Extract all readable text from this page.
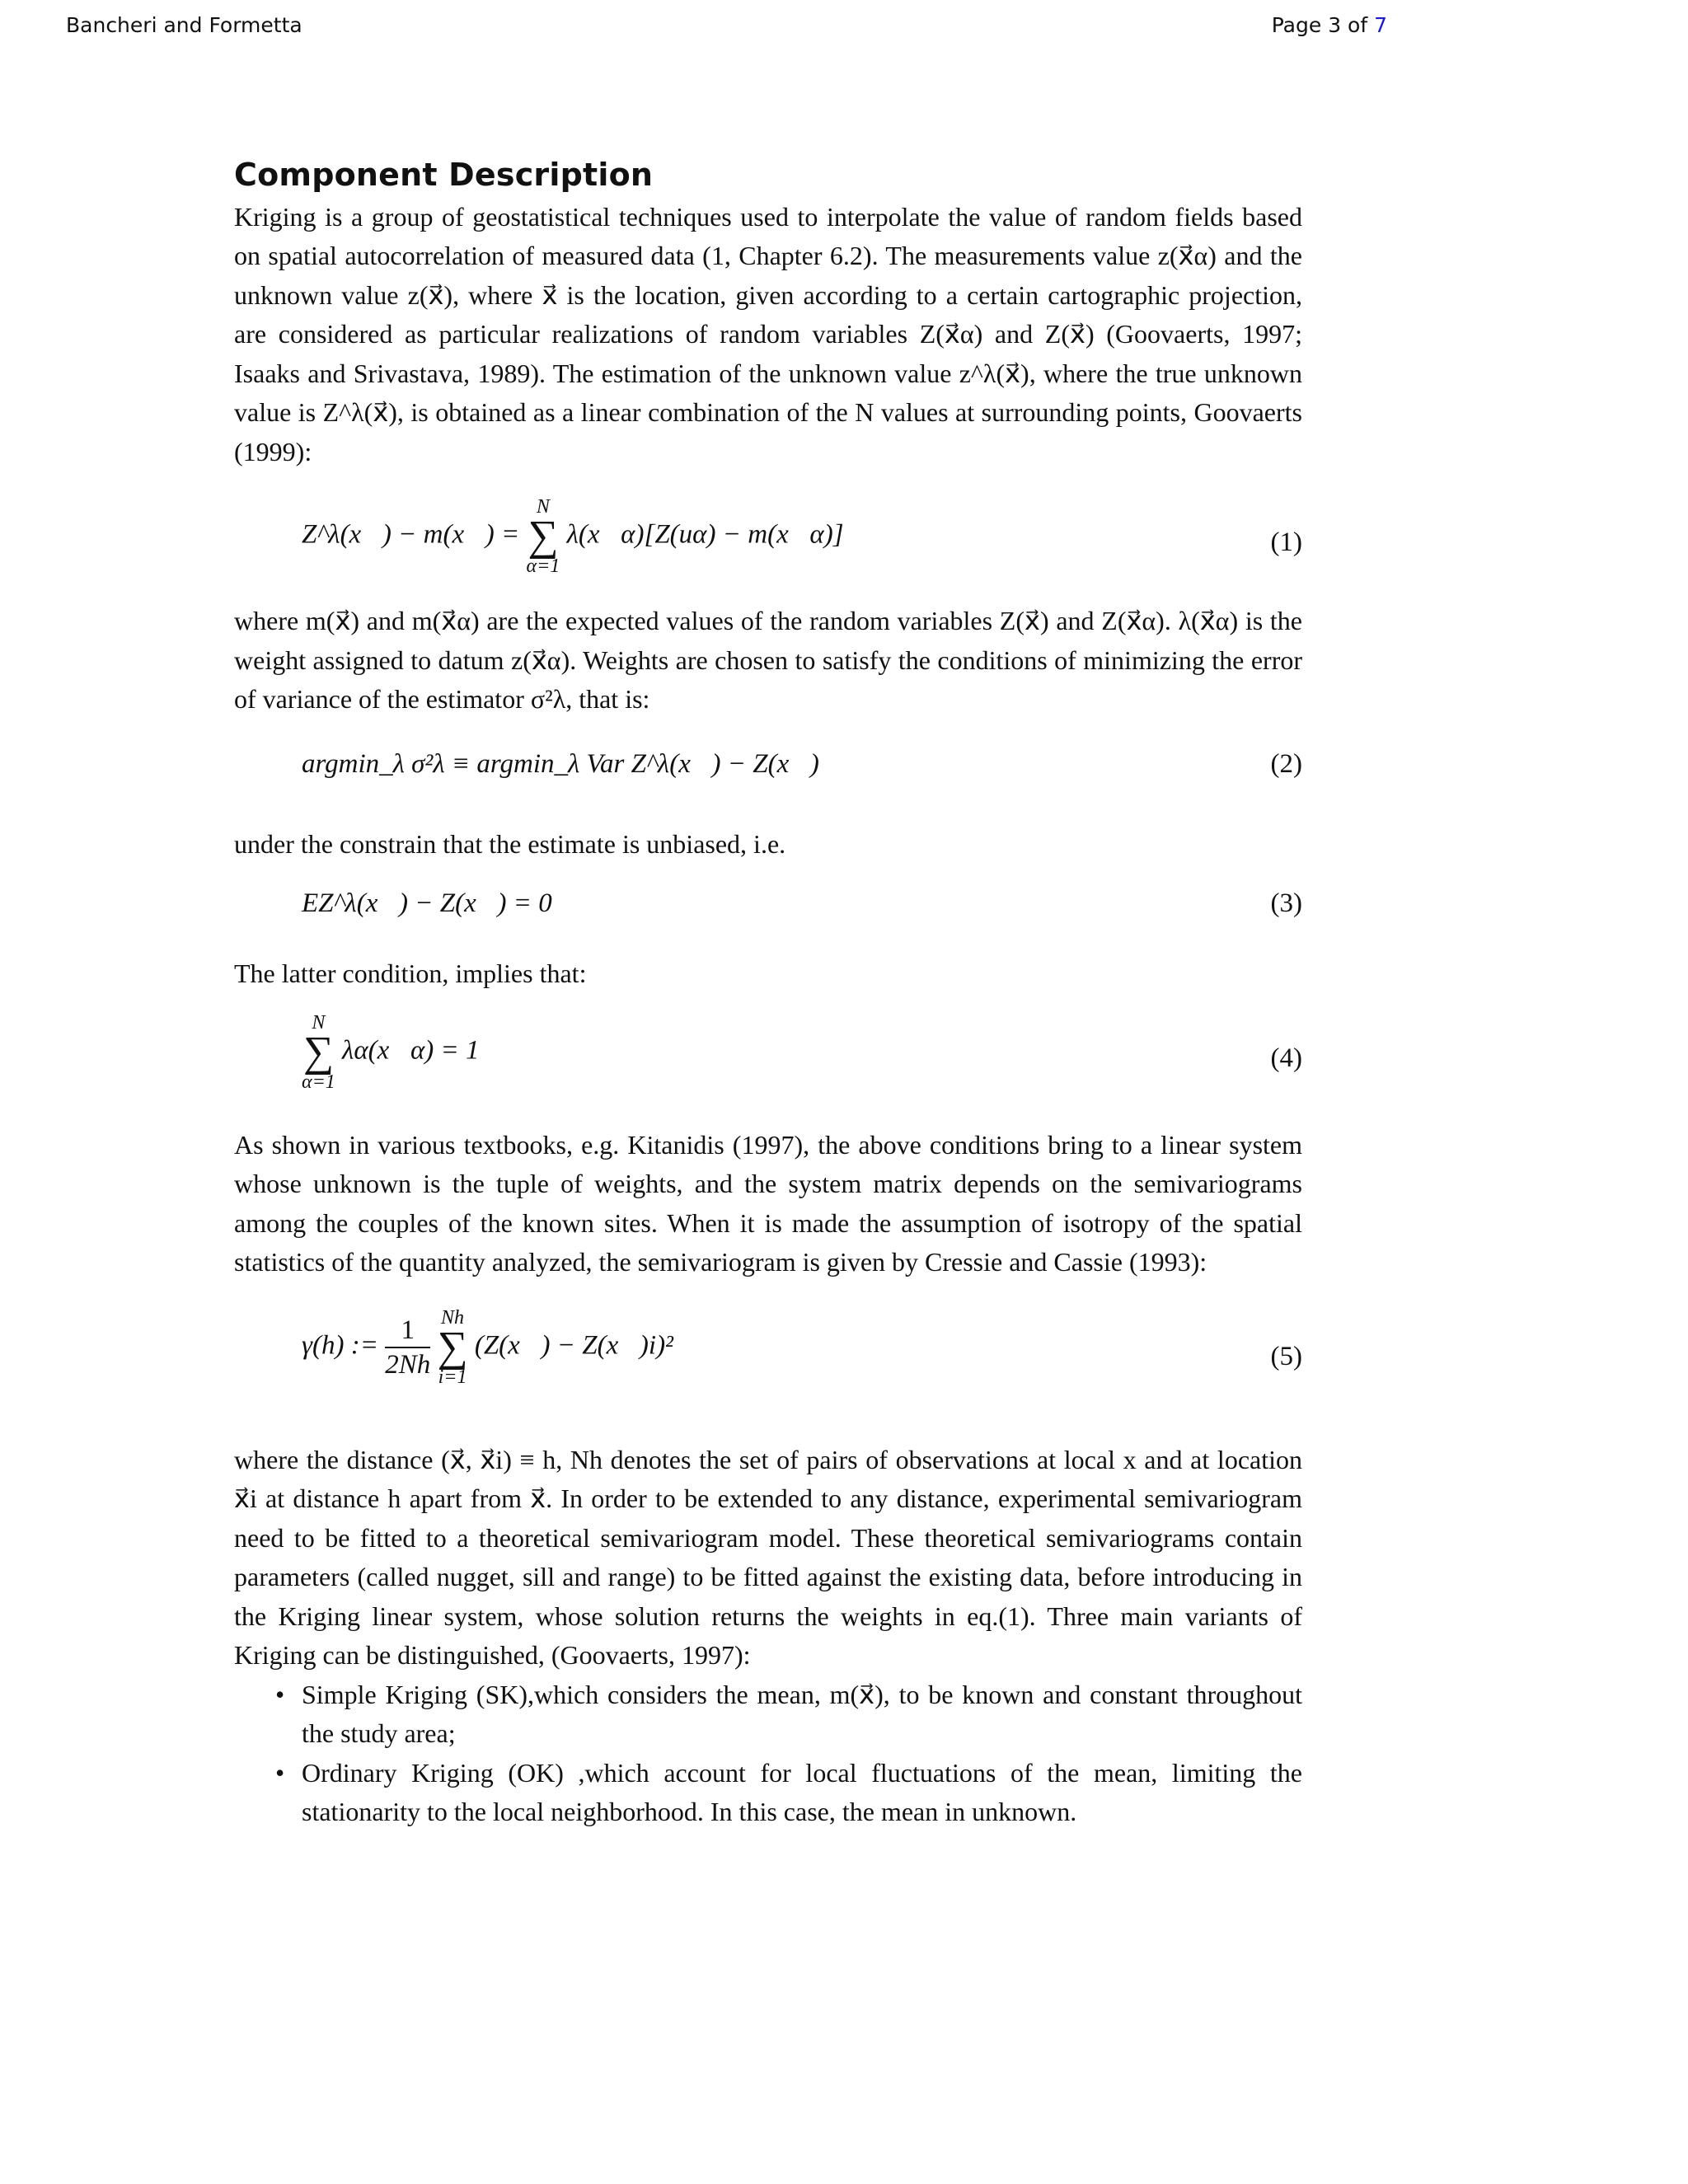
Bancheri and Formetta	Page 3 of 7
Component Description

Kriging is a group of geostatistical techniques used to interpolate the value of random fields based on spatial autocorrelation of measured data (1, Chapter 6.2). The measurements value z(x⃗α) and the unknown value z(x⃗), where x⃗ is the location, given according to a certain cartographic projection, are considered as particular realizations of random variables Z(x⃗α) and Z(x⃗) (Goovaerts, 1997; Isaaks and Srivastava, 1989). The estimation of the unknown value z^λ(x⃗), where the true unknown value is Z^λ(x⃗), is obtained as a linear combination of the N values at surrounding points, Goovaerts (1999):

Z^λ(x⃗) − m(x⃗) =
N
∑
α=1
λ(x⃗α)[Z(uα) − m(x⃗α)]	(1)

where m(x⃗) and m(x⃗α) are the expected values of the random variables Z(x⃗) and Z(x⃗α). λ(x⃗α) is the weight assigned to datum z(x⃗α). Weights are chosen to satisfy the conditions of minimizing the error of variance of the estimator σ²λ, that is:

argmin_λ σ²λ ≡ argmin_λ Var Z^λ(x⃗) − Z(x⃗)	(2)

under the constrain that the estimate is unbiased, i.e.

EZ^λ(x⃗) − Z(x⃗) = 0	(3)

The latter condition, implies that:

N
∑
α=1
λα(x⃗α) = 1	(4)

As shown in various textbooks, e.g. Kitanidis (1997), the above conditions bring to a linear system whose unknown is the tuple of weights, and the system matrix depends on the semivariograms among the couples of the known sites. When it is made the assumption of isotropy of the spatial statistics of the quantity analyzed, the semivariogram is given by Cressie and Cassie (1993):

γ(h) := $\frac{1}{2Nh}$
Nh
∑
i=1
(Z(x⃗) − Z(x⃗)i)²	(5)

where the distance (x⃗, x⃗i) ≡ h, Nh denotes the set of pairs of observations at local x and at location x⃗i at distance h apart from x⃗. In order to be extended to any distance, experimental semivariogram need to be fitted to a theoretical semivariogram model. These theoretical semivariograms contain parameters (called nugget, sill and range) to be fitted against the existing data, before introducing in the Kriging linear system, whose solution returns the weights in eq.(1). Three main variants of Kriging can be distinguished, (Goovaerts, 1997):

• Simple Kriging (SK),which considers the mean, m(x⃗), to be known and constant throughout the study area;
• Ordinary Kriging (OK) ,which account for local fluctuations of the mean, limiting the stationarity to the local neighborhood. In this case, the mean in unknown.
